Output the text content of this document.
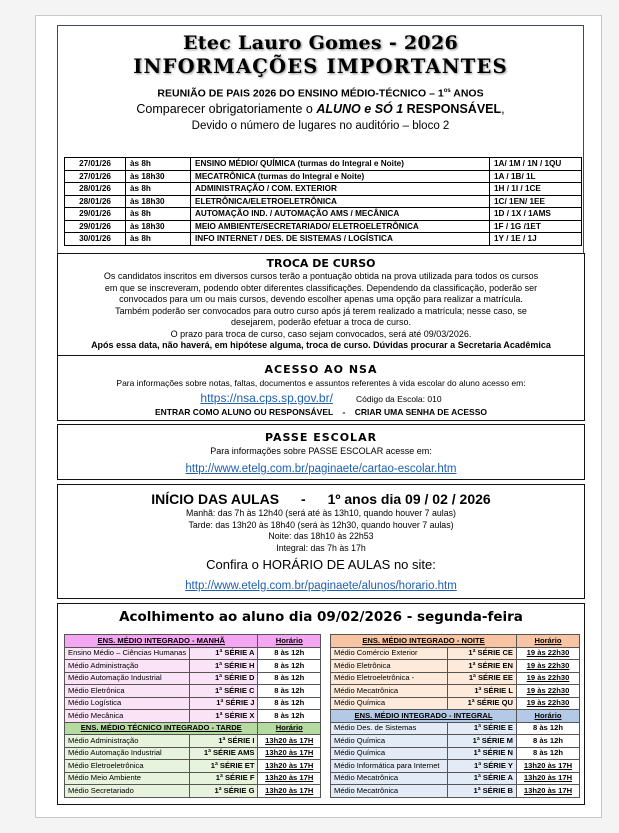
Etec Lauro Gomes - 2026
INFORMAÇÕES IMPORTANTES
REUNIÃO DE PAIS 2026 DO ENSINO MÉDIO-TÉCNICO – $1^{os}$ ANOS
Comparecer obrigatoriamente o ALUNO e SÓ 1 RESPONSÁVEL,
Devido o número de lugares no auditório – bloco 2
27/01/26	às 8h	ENSINO MÉDIO/ QUÍMICA (turmas do Integral e Noite)	1A/ 1M / 1N / 1QU
27/01/26	às 18h30	MECATRÔNICA (turmas do Integral e Noite)	1A / 1B/ 1L
28/01/26	às 8h	ADMINISTRAÇÃO / COM. EXTERIOR	1H / 1I / 1CE
28/01/26	às 18h30	ELETRÔNICA/ELETROELETRÔNICA	1C/ 1EN/ 1EE
29/01/26	às 8h	AUTOMAÇÃO IND. / AUTOMAÇÃO AMS / MECÂNICA	1D / 1X / 1AMS
29/01/26	às 18h30	MEIO AMBIENTE/SECRETARIADO/ ELETROELETRÔNICA	1F / 1G /1ET
30/01/26	às 8h	INFO INTERNET / DES. DE SISTEMAS / LOGÍSTICA	1Y / 1E / 1J
TROCA DE CURSO
Os candidatos inscritos em diversos cursos terão a pontuação obtida na prova utilizada para todos os cursos
em que se inscreveram, podendo obter diferentes classificações. Dependendo da classificação, poderão ser
convocados para um ou mais cursos, devendo escolher apenas uma opção para realizar a matrícula.
Também poderão ser convocados para outro curso após já terem realizado a matrícula; nesse caso, se
desejarem, poderão efetuar a troca de curso.
O prazo para troca de curso, caso sejam convocados, será até 09/03/2026.
Após essa data, não haverá, em hipótese alguma, troca de curso. Dúvidas procurar a Secretaria Acadêmica
ACESSO AO NSA
Para informações sobre notas, faltas, documentos e assuntos referentes à vida escolar do aluno acesso em:
https://nsa.cps.sp.gov.br/	Código da Escola: 010
ENTRAR COMO ALUNO OU RESPONSÁVEL    -    CRIAR UMA SENHA DE ACESSO
PASSE ESCOLAR
Para informações sobre PASSE ESCOLAR acesse em:
http://www.etelg.com.br/paginaete/cartao-escolar.htm
INÍCIO DAS AULAS - 1º anos dia 09 / 02 / 2026
Manhã: das 7h às 12h40 (será até às 13h10, quando houver 7 aulas)
Tarde: das 13h20 às 18h40 (será às 12h30, quando houver 7 aulas)
Noite: das 18h10 às 22h53
Integral: das 7h às 17h
Confira o HORÁRIO DE AULAS no site:
http://www.etelg.com.br/paginaete/alunos/horario.htm
Acolhimento ao aluno dia 09/02/2026 - segunda-feira
ENS. MÉDIO INTEGRADO - MANHÃ		Horário
Ensino Médio – Ciências Humanas	1ª SÉRIE A	8 às 12h
Médio Administração	1ª SÉRIE H	8 às 12h
Médio Automação Industrial	1ª SÉRIE D	8 às 12h
Médio Eletrônica	1ª SÉRIE C	8 às 12h
Médio Logística	1ª SÉRIE J	8 às 12h
Médio Mecânica	1ª SÉRIE X	8 às 12h
ENS. MÉDIO TÉCNICO INTEGRADO - TARDE		Horário
Médio Administração	1ª SÉRIE I	13h20 às 17H
Médio Automação Industrial	1ª SÉRIE AMS	13h20 às 17H
Médio Eletroeletrônica	1ª SÉRIE ET	13h20 às 17H
Médio Meio Ambiente	1ª SÉRIE F	13h20 às 17H
Médio Secretariado	1ª SÉRIE G	13h20 às 17H
ENS. MÉDIO INTEGRADO - NOITE		Horário
Médio Comércio Exterior	1ª SÉRIE CE	19 às 22h30
Médio Eletrônica	1ª SÉRIE EN	19 às 22h30
Médio Eletroeletrônica -	1ª SÉRIE EE	19 às 22h30
Médio Mecatrônica	1ª SÉRIE L	19 às 22h30
Médio Química	1ª SÉRIE QU	19 às 22h30
ENS. MÉDIO INTEGRADO - INTEGRAL		Horário
Médio Des. de Sistemas	1ª SÉRIE E	8 às 12h
Médio Química	1ª SÉRIE M	8 às 12h
Médio Química	1ª SÉRIE N	8 às 12h
Médio Informática para Internet	1ª SÉRIE Y	13h20 às 17H
Médio Mecatrônica	1ª SÉRIE A	13h20 às 17H
Médio Mecatrônica	1ª SÉRIE B	13h20 às 17H
